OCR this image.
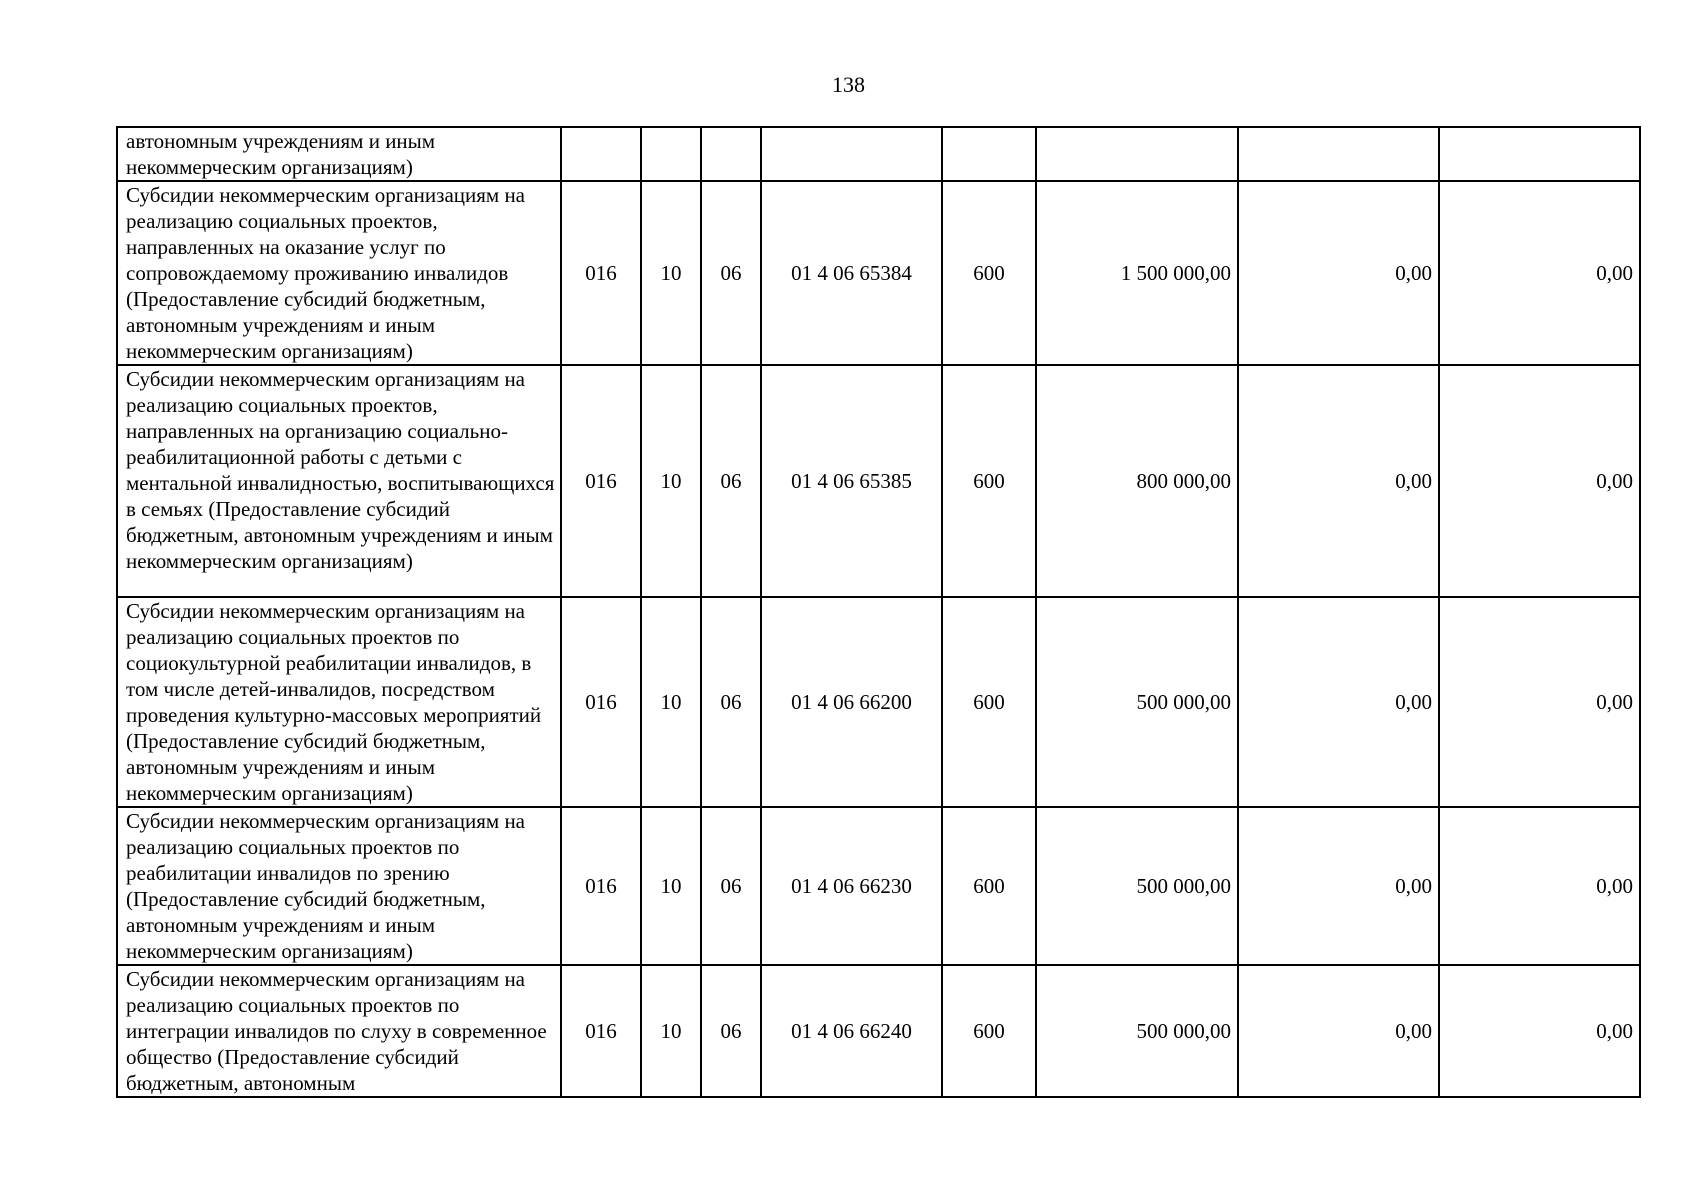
138
автономным учреждениям и иным некоммерческим организациям)								
Субсидии некоммерческим организациям на реализацию социальных проектов, направленных на оказание услуг по сопровождаемому проживанию инвалидов (Предоставление субсидий бюджетным, автономным учреждениям и иным некоммерческим организациям)	016	10	06	01 4 06 65384	600	1 500 000,00	0,00	0,00
Субсидии некоммерческим организациям на реализацию социальных проектов, направленных на организацию социально-реабилитационной работы с детьми с ментальной инвалидностью, воспитывающихся в семьях (Предоставление субсидий бюджетным, автономным учреждениям и иным некоммерческим организациям)	016	10	06	01 4 06 65385	600	800 000,00	0,00	0,00
Субсидии некоммерческим организациям на реализацию социальных проектов по социокультурной реабилитации инвалидов, в том числе детей-инвалидов, посредством проведения культурно-массовых мероприятий (Предоставление субсидий бюджетным, автономным учреждениям и иным некоммерческим организациям)	016	10	06	01 4 06 66200	600	500 000,00	0,00	0,00
Субсидии некоммерческим организациям на реализацию социальных проектов по реабилитации инвалидов по зрению (Предоставление субсидий бюджетным, автономным учреждениям и иным некоммерческим организациям)	016	10	06	01 4 06 66230	600	500 000,00	0,00	0,00
Субсидии некоммерческим организациям на реализацию социальных проектов по интеграции инвалидов по слуху в современное общество (Предоставление субсидий бюджетным, автономным	016	10	06	01 4 06 66240	600	500 000,00	0,00	0,00
